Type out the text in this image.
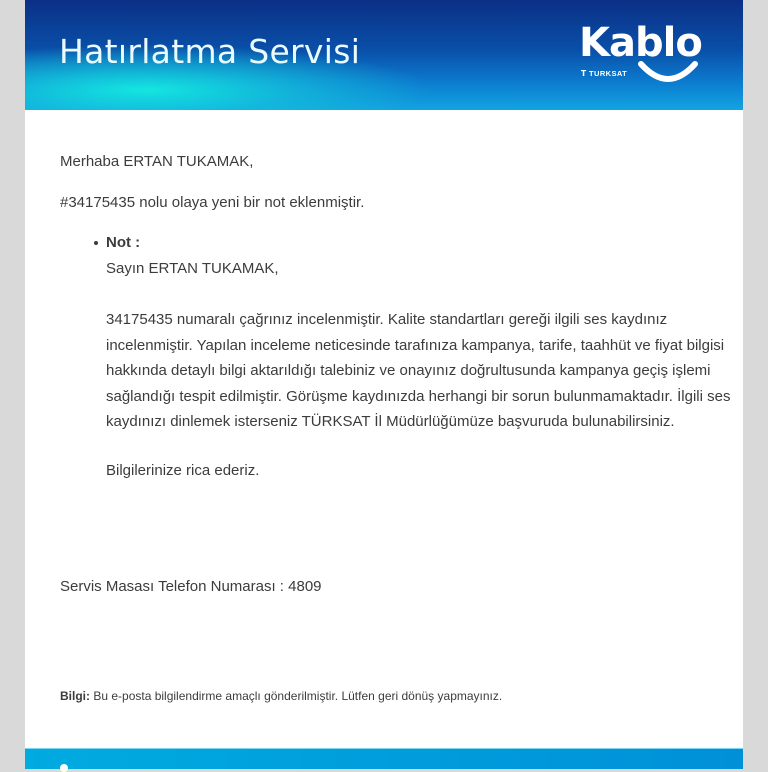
Hatırlatma Servisi	Kablo
𝗧 TURKSAT
Merhaba ERTAN TUKAMAK,
#34175435 nolu olaya yeni bir not eklenmiştir.
Not :
Sayın ERTAN TUKAMAK,
34175435 numaralı çağrınız incelenmiştir. Kalite standartları gereği ilgili ses kaydınız incelenmiştir. Yapılan inceleme neticesinde tarafınıza kampanya, tarife, taahhüt ve fiyat bilgisi hakkında detaylı bilgi aktarıldığı talebiniz ve onayınız doğrultusunda kampanya geçiş işlemi sağlandığı tespit edilmiştir. Görüşme kaydınızda herhangi bir sorun bulunmamaktadır. İlgili ses kaydınızı dinlemek isterseniz TÜRKSAT İl Müdürlüğümüze başvuruda bulunabilirsiniz.
Bilgilerinize rica ederiz.
Servis Masası Telefon Numarası : 4809
Bilgi: Bu e-posta bilgilendirme amaçlı gönderilmiştir. Lütfen geri dönüş yapmayınız.
